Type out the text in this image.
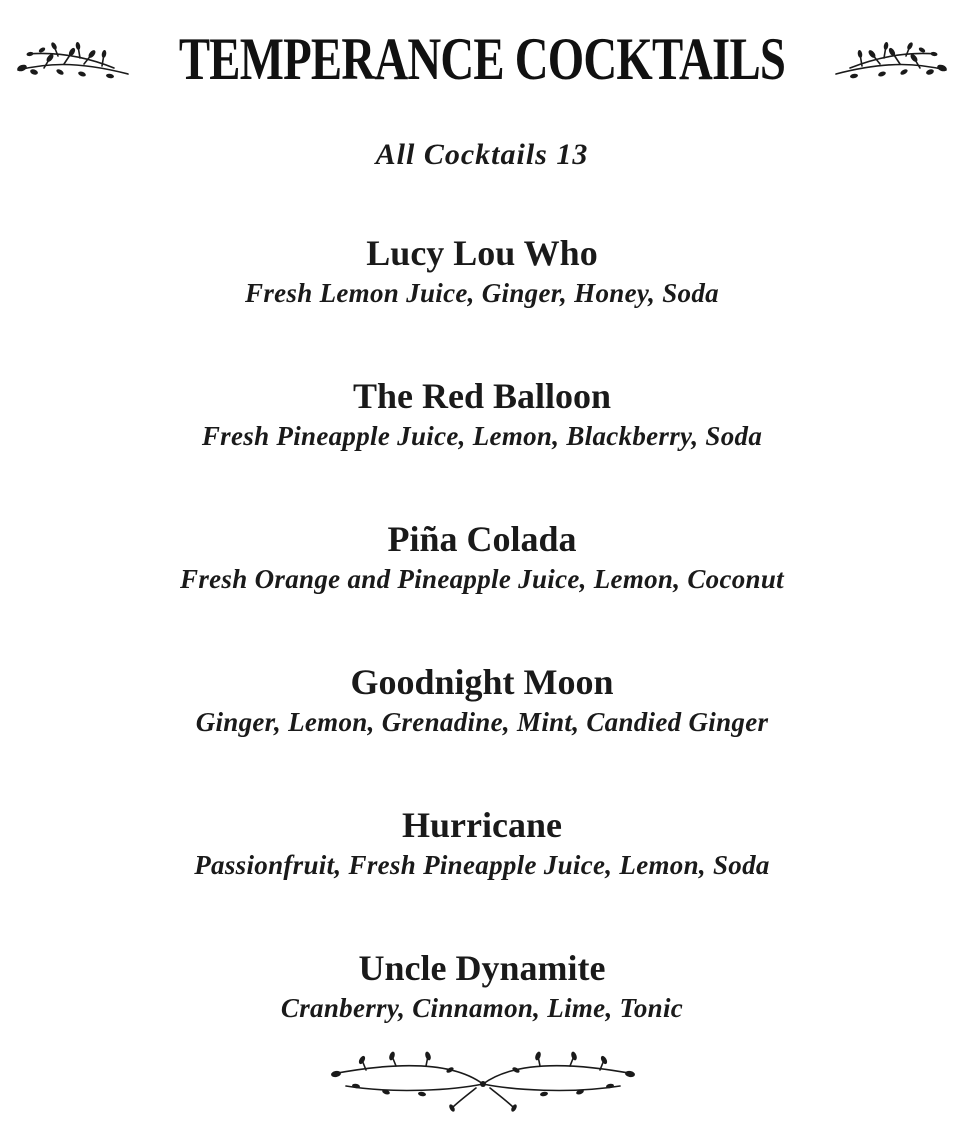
TEMPERANCE COCKTAILS
All Cocktails 13
Lucy Lou Who
Fresh Lemon Juice, Ginger, Honey, Soda
The Red Balloon
Fresh Pineapple Juice, Lemon, Blackberry, Soda
Piña Colada
Fresh Orange and Pineapple Juice, Lemon, Coconut
Goodnight Moon
Ginger, Lemon, Grenadine, Mint, Candied Ginger
Hurricane
Passionfruit, Fresh Pineapple Juice, Lemon, Soda
Uncle Dynamite
Cranberry, Cinnamon, Lime, Tonic
